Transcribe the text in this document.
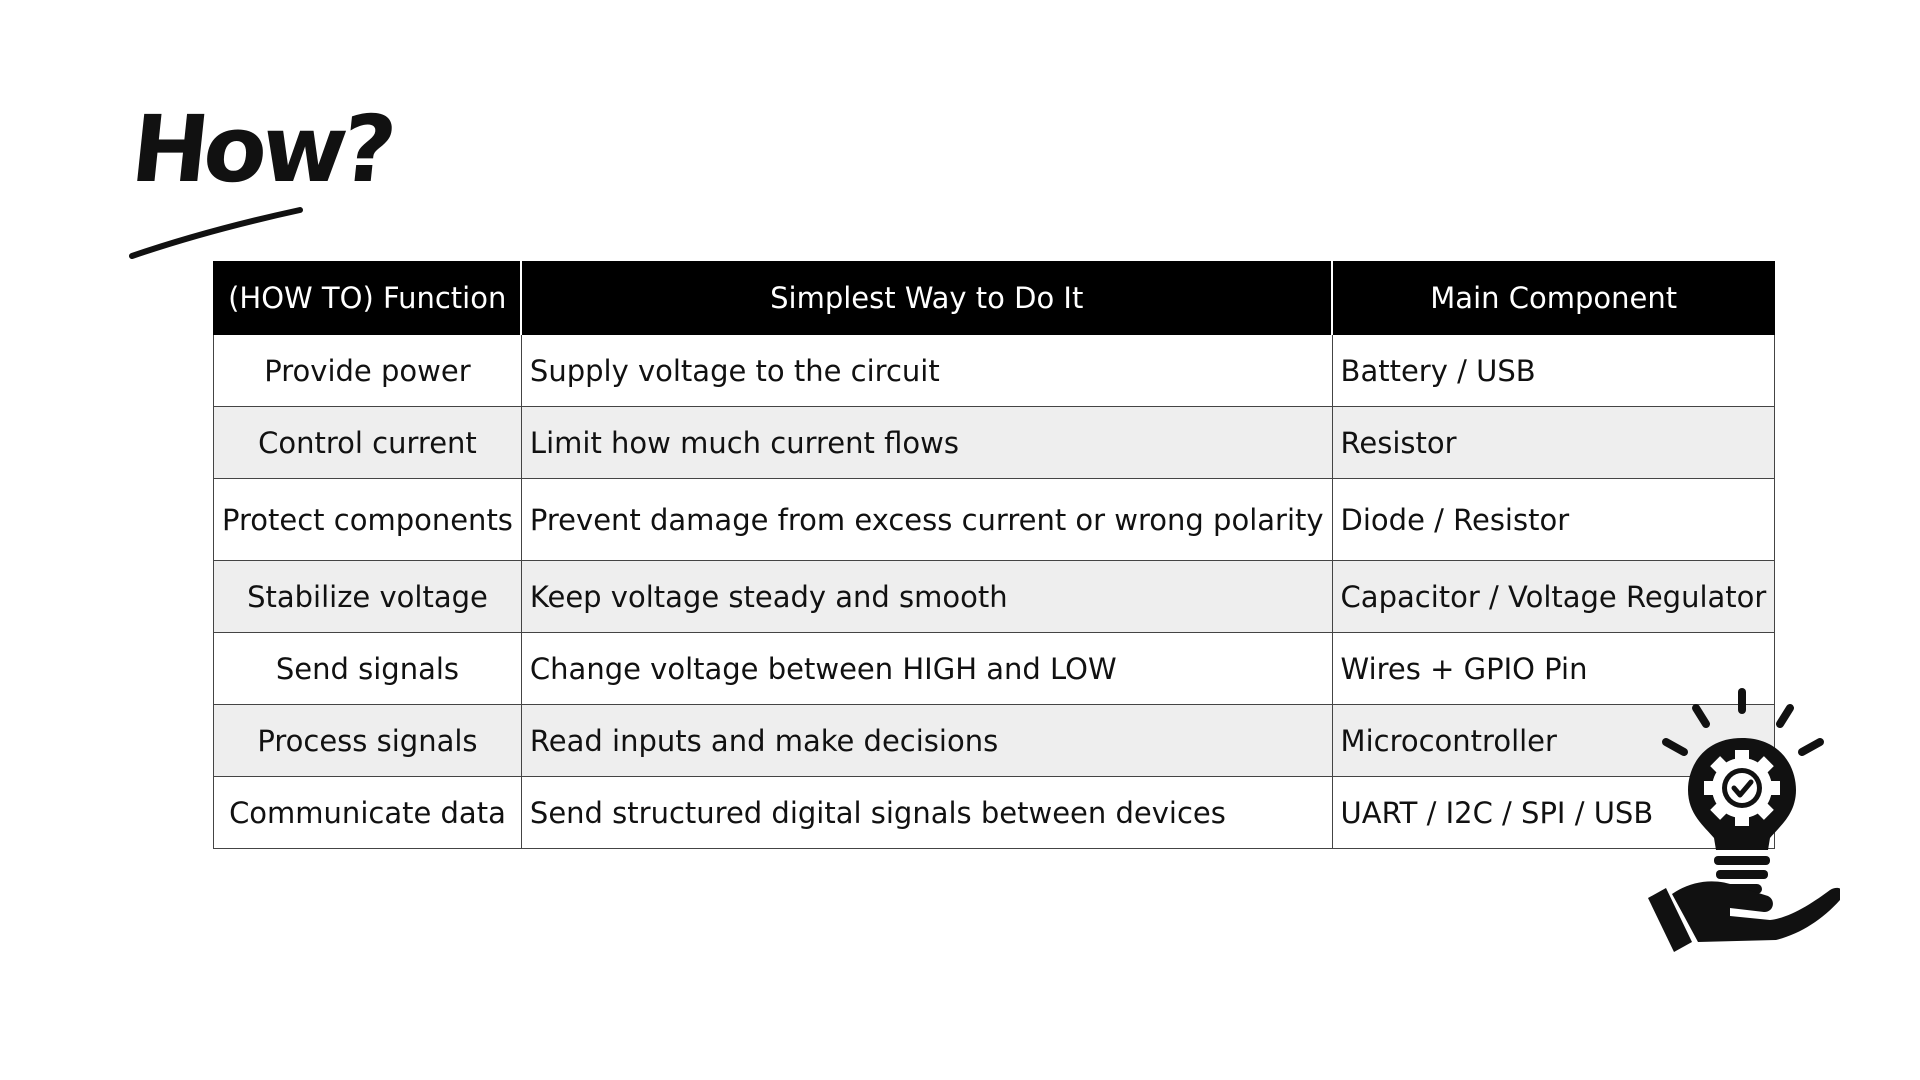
How?
(HOW TO) Function	Simplest Way to Do It	Main Component
Provide power	Supply voltage to the circuit	Battery / USB
Control current	Limit how much current flows	Resistor
Protect components	Prevent damage from excess current or wrong polarity	Diode / Resistor
Stabilize voltage	Keep voltage steady and smooth	Capacitor / Voltage Regulator
Send signals	Change voltage between HIGH and LOW	Wires + GPIO Pin
Process signals	Read inputs and make decisions	Microcontroller
Communicate data	Send structured digital signals between devices	UART / I2C / SPI / USB
